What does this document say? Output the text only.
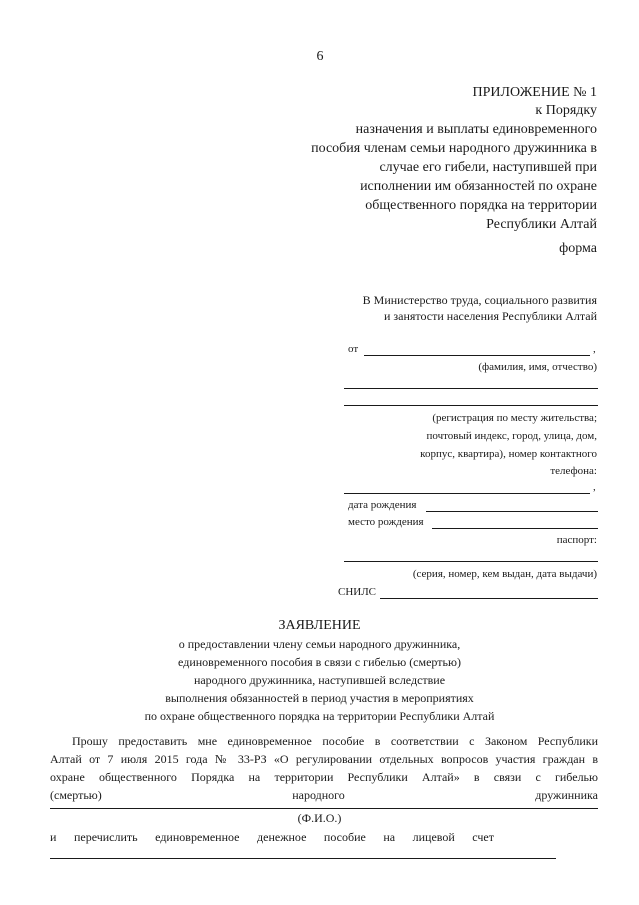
6
ПРИЛОЖЕНИЕ № 1
к Порядку
назначения и выплаты единовременного
пособия членам семьи народного дружинника в
случае его гибели, наступившей при
исполнении им обязанностей по охране
общественного порядка на территории
Республики Алтай
форма
В Министерство труда, социального развития
и занятости населения Республики Алтай
от	,
(фамилия, имя, отчество)
(регистрация по месту жительства;
почтовый индекс, город, улица, дом,
корпус, квартира), номер контактного
телефона:
,
дата рождения
место рождения
паспорт:
(серия, номер, кем выдан, дата выдачи)
СНИЛС
ЗАЯВЛЕНИЕ
о предоставлении члену семьи народного дружинника,
единовременного пособия в связи с гибелью (смертью)
народного дружинника, наступившей вследствие
выполнения обязанностей в период участия в мероприятиях
по охране общественного порядка на территории Республики Алтай
Прошу предоставить мне единовременное пособие в соответствии с Законом Республики
Алтай от 7 июля 2015 года № 33-РЗ «О регулировании отдельных вопросов участия граждан в
охране общественного Порядка на территории Республики Алтай» в связи с гибелью
(смертью) народного дружинника
(Ф.И.О.)
и перечислить единовременное денежное пособие на лицевой счет
